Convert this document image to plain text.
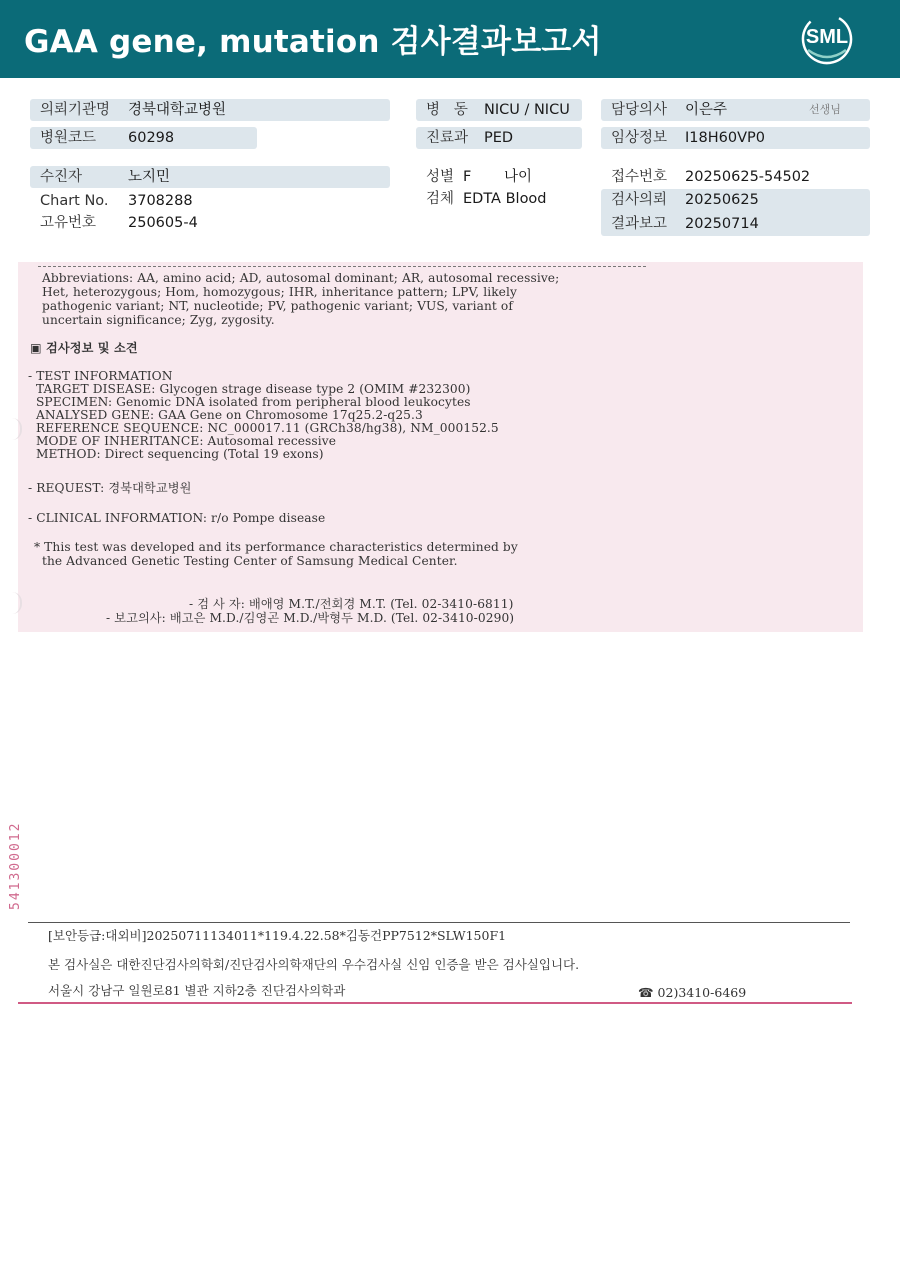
GAA gene, mutation 검사결과보고서	SML
의뢰기관명 경북대학교병원
병원코드 60298
병   동 NICU / NICU
진료과 PED
담당의사 이은주	선생님
임상정보 I18H60VP0
수진자	노지민
Chart No. 3708288
고유번호 250605-4
성별 F 나이
검체 EDTA Blood
접수번호 20250625-54502
검사의뢰 20250625
결과보고 20250714
Abbreviations: AA, amino acid; AD, autosomal dominant; AR, autosomal recessive;
Het, heterozygous; Hom, homozygous; IHR, inheritance pattern; LPV, likely
pathogenic variant; NT, nucleotide; PV, pathogenic variant; VUS, variant of
uncertain significance; Zyg, zygosity.
▣ 검사정보 및 소견
- TEST INFORMATION
TARGET DISEASE: Glycogen strage disease type 2 (OMIM #232300)
SPECIMEN: Genomic DNA isolated from peripheral blood leukocytes
ANALYSED GENE: GAA Gene on Chromosome 17q25.2-q25.3
REFERENCE SEQUENCE: NC_000017.11 (GRCh38/hg38), NM_000152.5
MODE OF INHERITANCE: Autosomal recessive
METHOD: Direct sequencing (Total 19 exons)
- REQUEST: 경북대학교병원
- CLINICAL INFORMATION: r/o Pompe disease
* This test was developed and its performance characteristics determined by
the Advanced Genetic Testing Center of Samsung Medical Center.
- 검 사 자: 배애영 M.T./전회경 M.T. (Tel. 02-3410-6811)
- 보고의사: 배고은 M.D./김영곤 M.D./박형두 M.D. (Tel. 02-3410-0290)
541300012
[보안등급:대외비]20250711134011*119.4.22.58*김동건PP7512*SLW150F1
본 검사실은 대한진단검사의학회/진단검사의학재단의 우수검사실 신임 인증을 받은 검사실입니다.
서울시 강남구 일원로81 별관 지하2층 진단검사의학과	☎ 02)3410-6469
